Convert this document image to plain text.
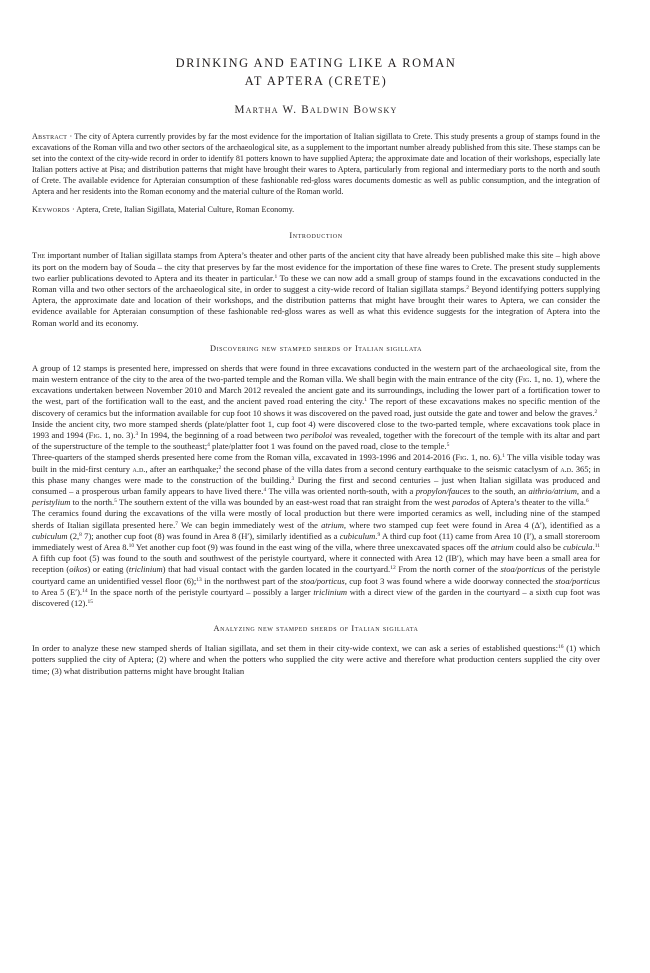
DRINKING AND EATING LIKE A ROMAN
AT APTERA (CRETE)
Martha W. Baldwin Bowsky
Abstract · The city of Aptera currently provides by far the most evidence for the importation of Italian sigillata to Crete. This study presents a group of stamps found in the excavations of the Roman villa and two other sectors of the archaeological site, as a supplement to the important number already published from this site. These stamps can be set into the context of the city-wide record in order to identify 81 potters known to have supplied Aptera; the approximate date and location of their workshops, especially late Italian potters active at Pisa; and distribution patterns that might have brought their wares to Aptera, particularly from regional and intermediary ports to the north and south of Crete. The available evidence for Apteraian consumption of these fashionable red-gloss wares documents domestic as well as public consumption, and the integration of Aptera and her residents into the Roman economy and the material culture of the Roman world.
Keywords · Aptera, Crete, Italian Sigillata, Material Culture, Roman Economy.
Introduction

The important number of Italian sigillata stamps from Aptera’s theater and other parts of the ancient city that have already been published make this site – high above its port on the modern bay of Souda – the city that preserves by far the most evidence for the importation of these fine wares to Crete. The present study supplements two earlier publications devoted to Aptera and its theater in particular.$^1$ To these we can now add a small group of stamps found in the excavations conducted in the Roman villa and two other sectors of the archaeological site, in order to suggest a city-wide record of Italian sigillata stamps.$^2$ Beyond identifying potters supplying Aptera, the approximate date and location of their workshops, and the distribution patterns that might have brought their wares to Aptera, we can consider the evidence available for Apteraian consumption of these fashionable red-gloss wares as well as what this evidence suggests for the integration of Aptera into the Roman world and its economy.

Discovering new stamped sherds of Italian sigillata

A group of 12 stamps is presented here, impressed on sherds that were found in three excavations conducted in the western part of the archaeological site, from the main western entrance of the city to the area of the two-parted temple and the Roman villa. We shall begin with the main entrance of the city (Fig. 1, no. 1), where the excavations undertaken between November 2010 and March 2012 revealed the ancient gate and its surroundings, including the lower part of a fortification tower to the west, part of the fortification wall to the east, and the ancient paved road entering the city.$^1$ The report of these excavations makes no specific mention of the discovery of ceramics but the information available for cup foot 10 shows it was discovered on the paved road, just outside the gate and tower and below the graves.$^2$

Inside the ancient city, two more stamped sherds (plate/platter foot 1, cup foot 4) were discovered close to the two-parted temple, where excavations took place in 1993 and 1994 (Fig. 1, no. 3).$^3$ In 1994, the beginning of a road between two periboloi was revealed, together with the forecourt of the temple with its altar and part of the superstructure of the temple to the southeast;$^4$ plate/platter foot 1 was found on the paved road, close to the temple.$^5$

Three-quarters of the stamped sherds presented here come from the Roman villa, excavated in 1993-1996 and 2014-2016 (Fig. 1, no. 6).$^1$ The villa visible today was built in the mid-first century a.d., after an earthquake;$^2$ the second phase of the villa dates from a second century earthquake to the seismic cataclysm of a.d. 365; in this phase many changes were made to the construction of the building.$^3$ During the first and second centuries – just when Italian sigillata was produced and consumed – a prosperous urban family appears to have lived there.$^4$ The villa was oriented north-south, with a propylon/fauces to the south, an aithrio/atrium, and a peristylium to the north.$^5$ The southern extent of the villa was bounded by an east-west road that ran straight from the west parodos of Aptera’s theater to the villa.$^6$

The ceramics found during the excavations of the villa were mostly of local production but there were imported ceramics as well, including nine of the stamped sherds of Italian sigillata presented here.$^7$ We can begin immediately west of the atrium, where two stamped cup feet were found in Area 4 (Δ′), identified as a cubiculum (2,$^8$ 7); another cup foot (8) was found in Area 8 (H′), similarly identified as a cubiculum.$^9$ A third cup foot (11) came from Area 10 (I′), a small storeroom immediately west of Area 8.10 Yet another cup foot (9) was found in the east wing of the villa, where three unexcavated spaces off the atrium could also be cubicula.$^{11}$ A fifth cup foot (5) was found to the south and southwest of the peristyle courtyard, where it connected with Area 12 (IB′), which may have been a small area for reception (oikos) or eating (triclinium) that had visual contact with the garden located in the courtyard.$^{12}$ From the north corner of the stoa/porticus of the peristyle courtyard came an unidentified vessel floor (6);$^{13}$ in the northwest part of the stoa/porticus, cup foot 3 was found where a wide doorway connected the stoa/porticus to Area 5 (E′).$^{14}$ In the space north of the peristyle courtyard – possibly a larger triclinium with a direct view of the garden in the courtyard – a sixth cup foot was discovered (12).$^{15}$

Analyzing new stamped sherds of Italian sigillata

In order to analyze these new stamped sherds of Italian sigillata, and set them in their city-wide context, we can ask a series of established questions:$^{16}$ (1) which potters supplied the city of Aptera; (2) where and when the potters who supplied the city were active and therefore what production centers supplied the city over time; (3) what distribution patterns might have brought Italian
